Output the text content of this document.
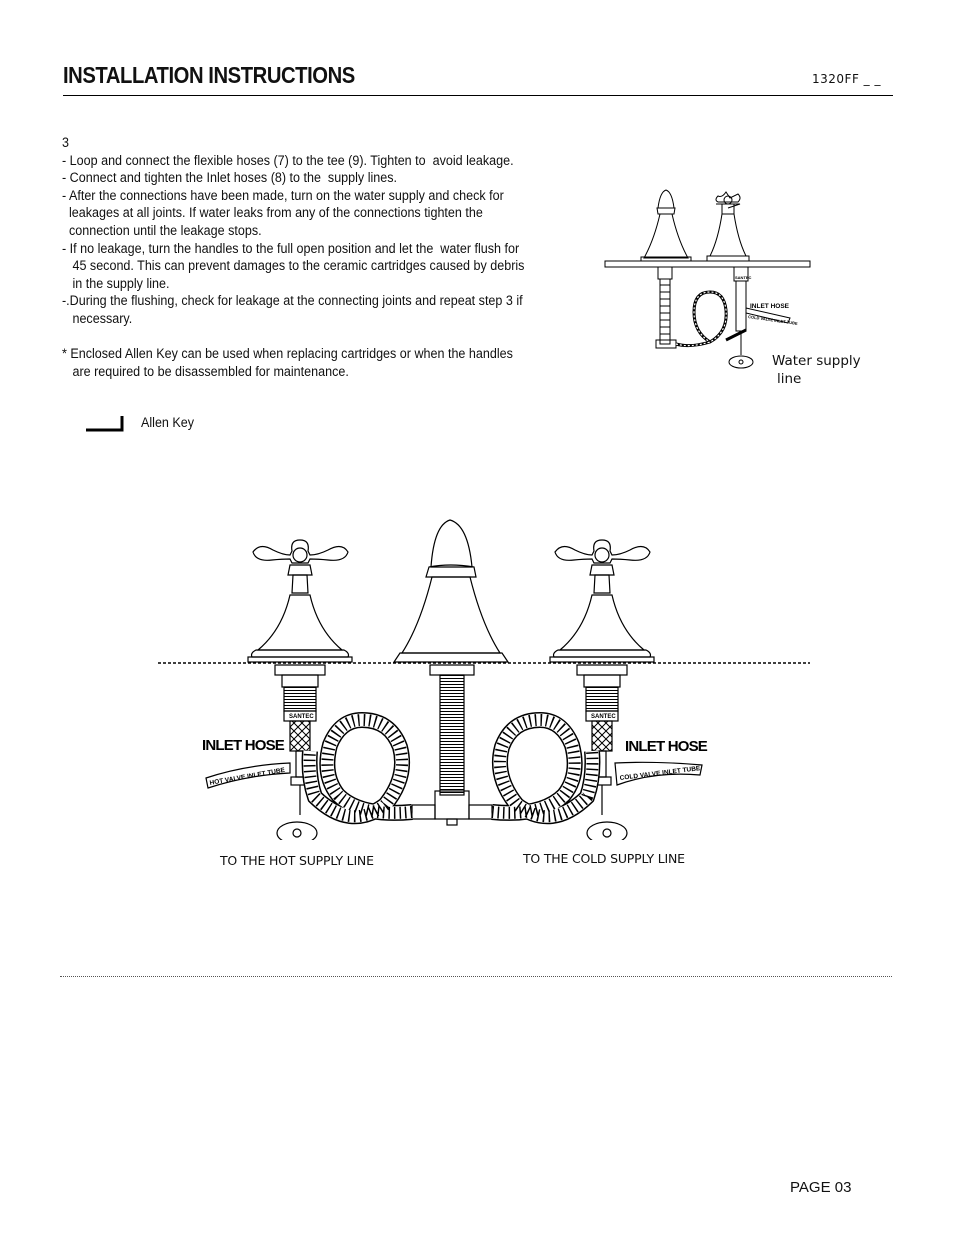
INSTALLATION INSTRUCTIONS	1320FF _ _

3

- Loop and connect the flexible hoses (7) to the tee (9). Tighten to  avoid leakage.

- Connect and tighten the Inlet hoses (8) to the  supply lines.

- After the connections have been made, turn on the water supply and check for

leakages at all joints. If water leaks from any of the connections tighten the

connection until the leakage stops.

- If no leakage, turn the handles to the full open position and let the  water flush for

45 second. This can prevent damages to the ceramic cartridges caused by debris

in the supply line.

-.During the flushing, check for leakage at the connecting joints and repeat step 3 if

necessary.

* Enclosed Allen Key can be used when replacing cartridges or when the handles

are required to be disassembled for maintenance.

Allen Key
INLET HOSE
COLD VALVE INLET TUBE
SANTEC
Water supply
line
INLET HOSE	INLET HOSE
HOT VALVE INLET TUBE	COLD VALVE INLET TUBE
SANTEC	SANTEC
TO THE HOT SUPPLY LINE	TO THE COLD SUPPLY LINE
PAGE 03
